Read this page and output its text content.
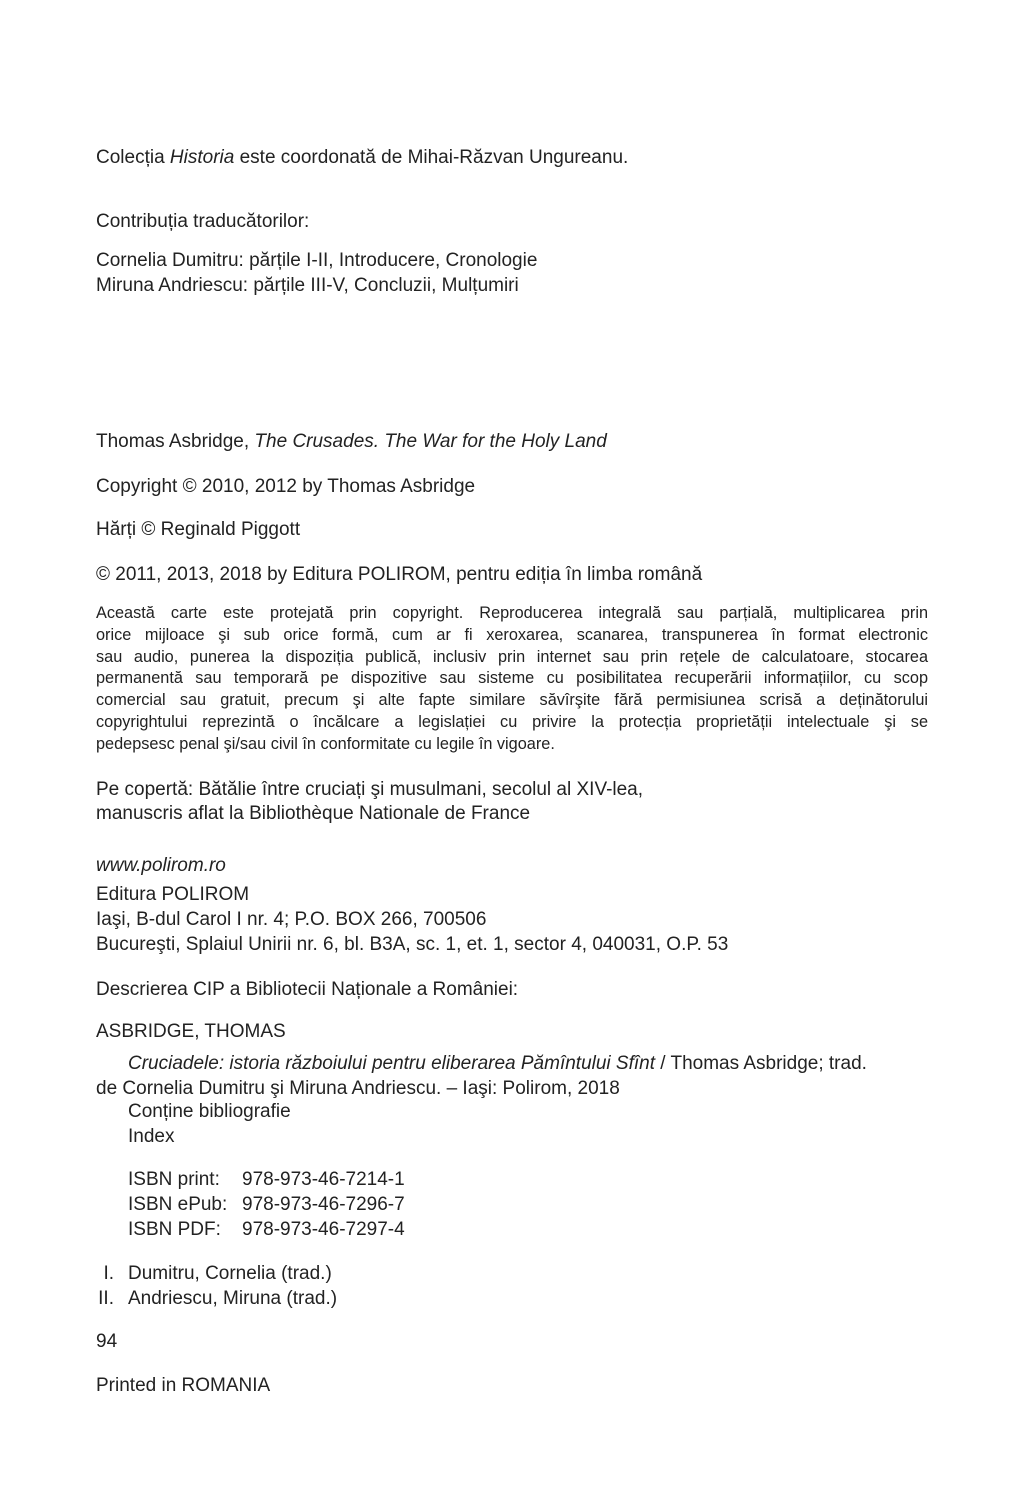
Colecția Historia este coordonată de Mihai-Răzvan Ungureanu.

Contribuția traducătorilor:

Cornelia Dumitru: părțile I-II, Introducere, Cronologie

Miruna Andriescu: părțile III-V, Concluzii, Mulțumiri

Thomas Asbridge, The Crusades. The War for the Holy Land

Copyright © 2010, 2012 by Thomas Asbridge

Hărți © Reginald Piggott

© 2011, 2013, 2018 by Editura POLIROM, pentru ediția în limba română

Această carte este protejată prin copyright. Reproducerea integrală sau parțială, multiplicarea prin
orice mijloace şi sub orice formă, cum ar fi xeroxarea, scanarea, transpunerea în format electronic
sau audio, punerea la dispoziția publică, inclusiv prin internet sau prin rețele de calculatoare, stocarea
permanentă sau temporară pe dispozitive sau sisteme cu posibilitatea recuperării informațiilor, cu scop
comercial sau gratuit, precum şi alte fapte similare săvîrşite fără permisiunea scrisă a deținătorului
copyrightului reprezintă o încălcare a legislației cu privire la protecția proprietății intelectuale şi se
pedepsesc penal şi/sau civil în conformitate cu legile în vigoare.

Pe copertă: Bătălie între cruciați şi musulmani, secolul al XIV-lea,

manuscris aflat la Bibliothèque Nationale de France

www.polirom.ro

Editura POLIROM

Iaşi, B-dul Carol I nr. 4; P.O. BOX 266, 700506

Bucureşti, Splaiul Unirii nr. 6, bl. B3A, sc. 1, et. 1, sector 4, 040031, O.P. 53

Descrierea CIP a Bibliotecii Naționale a României:

ASBRIDGE, THOMAS

Cruciadele: istoria războiului pentru eliberarea Pămîntului Sfînt / Thomas Asbridge; trad.
de Cornelia Dumitru şi Miruna Andriescu. – Iaşi: Polirom, 2018

Conține bibliografie

Index

ISBN print: 978-973-46-7214-1
ISBN ePub: 978-973-46-7296-7
ISBN PDF: 978-973-46-7297-4
I. Dumitru, Cornelia (trad.)
II. Andriescu, Miruna (trad.)

94

Printed in ROMANIA
